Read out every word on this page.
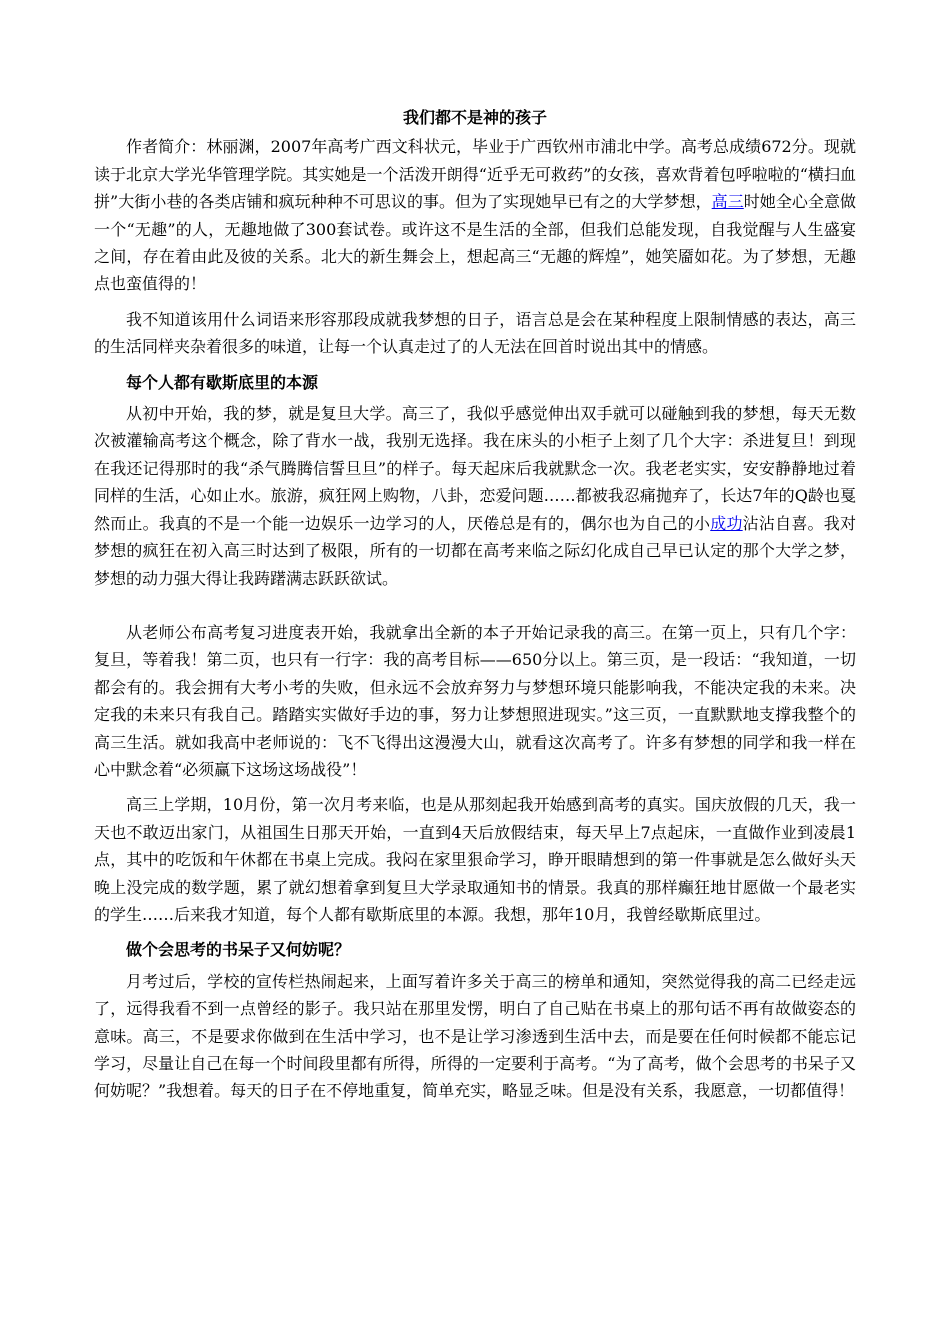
我们都不是神的孩子

作者简介：林丽渊，2007年高考广西文科状元，毕业于广西钦州市浦北中学。高考总成绩672分。现就读于北京大学光华管理学院。其实她是一个活泼开朗得“近乎无可救药”的女孩，喜欢背着包呼啦啦的“横扫血拼”大街小巷的各类店铺和疯玩种种不可思议的事。但为了实现她早已有之的大学梦想，高三时她全心全意做一个“无趣”的人，无趣地做了300套试卷。或许这不是生活的全部，但我们总能发现，自我觉醒与人生盛宴之间，存在着由此及彼的关系。北大的新生舞会上，想起高三“无趣的辉煌”，她笑靥如花。为了梦想，无趣点也蛮值得的！

我不知道该用什么词语来形容那段成就我梦想的日子，语言总是会在某种程度上限制情感的表达，高三的生活同样夹杂着很多的味道，让每一个认真走过了的人无法在回首时说出其中的情感。

每个人都有歇斯底里的本源

从初中开始，我的梦，就是复旦大学。高三了，我似乎感觉伸出双手就可以碰触到我的梦想，每天无数次被灌输高考这个概念，除了背水一战，我别无选择。我在床头的小柜子上刻了几个大字：杀进复旦！到现在我还记得那时的我“杀气腾腾信誓旦旦”的样子。每天起床后我就默念一次。我老老实实，安安静静地过着同样的生活，心如止水。旅游，疯狂网上购物，八卦，恋爱问题……都被我忍痛抛弃了，长达7年的Q龄也戛然而止。我真的不是一个能一边娱乐一边学习的人，厌倦总是有的，偶尔也为自己的小成功沾沾自喜。我对梦想的疯狂在初入高三时达到了极限，所有的一切都在高考来临之际幻化成自己早已认定的那个大学之梦，梦想的动力强大得让我踌躇满志跃跃欲试。

从老师公布高考复习进度表开始，我就拿出全新的本子开始记录我的高三。在第一页上，只有几个字：复旦，等着我！第二页，也只有一行字：我的高考目标——650分以上。第三页，是一段话：“我知道，一切都会有的。我会拥有大考小考的失败，但永远不会放弃努力与梦想环境只能影响我，不能决定我的未来。决定我的未来只有我自己。踏踏实实做好手边的事，努力让梦想照进现实。”这三页，一直默默地支撑我整个的高三生活。就如我高中老师说的：飞不飞得出这漫漫大山，就看这次高考了。许多有梦想的同学和我一样在心中默念着“必须赢下这场这场战役”！

高三上学期，10月份，第一次月考来临，也是从那刻起我开始感到高考的真实。国庆放假的几天，我一天也不敢迈出家门，从祖国生日那天开始，一直到4天后放假结束，每天早上7点起床，一直做作业到凌晨1点，其中的吃饭和午休都在书桌上完成。我闷在家里狠命学习，睁开眼睛想到的第一件事就是怎么做好头天晚上没完成的数学题，累了就幻想着拿到复旦大学录取通知书的情景。我真的那样癫狂地甘愿做一个最老实的学生……后来我才知道，每个人都有歇斯底里的本源。我想，那年10月，我曾经歇斯底里过。

做个会思考的书呆子又何妨呢？

月考过后，学校的宣传栏热闹起来，上面写着许多关于高三的榜单和通知，突然觉得我的高二已经走远了，远得我看不到一点曾经的影子。我只站在那里发愣，明白了自己贴在书桌上的那句话不再有故做姿态的意味。高三，不是要求你做到在生活中学习，也不是让学习渗透到生活中去，而是要在任何时候都不能忘记学习，尽量让自己在每一个时间段里都有所得，所得的一定要利于高考。“为了高考，做个会思考的书呆子又何妨呢？”我想着。每天的日子在不停地重复，简单充实，略显乏味。但是没有关系，我愿意，一切都值得！
